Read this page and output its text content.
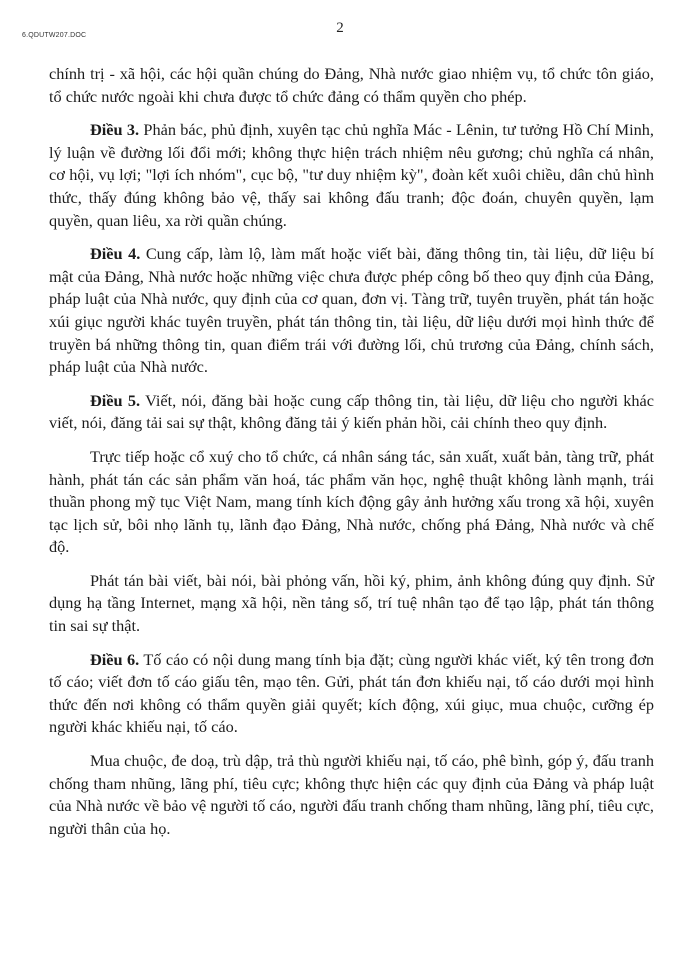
6.QDUTW207.DOC	2

chính trị - xã hội, các hội quần chúng do Đảng, Nhà nước giao nhiệm vụ, tổ chức tôn giáo, tổ chức nước ngoài khi chưa được tổ chức đảng có thẩm quyền cho phép.

Điều 3. Phản bác, phủ định, xuyên tạc chủ nghĩa Mác - Lênin, tư tưởng Hồ Chí Minh, lý luận về đường lối đổi mới; không thực hiện trách nhiệm nêu gương; chủ nghĩa cá nhân, cơ hội, vụ lợi; "lợi ích nhóm", cục bộ, "tư duy nhiệm kỳ", đoàn kết xuôi chiều, dân chủ hình thức, thấy đúng không bảo vệ, thấy sai không đấu tranh; độc đoán, chuyên quyền, lạm quyền, quan liêu, xa rời quần chúng.

Điều 4. Cung cấp, làm lộ, làm mất hoặc viết bài, đăng thông tin, tài liệu, dữ liệu bí mật của Đảng, Nhà nước hoặc những việc chưa được phép công bố theo quy định của Đảng, pháp luật của Nhà nước, quy định của cơ quan, đơn vị. Tàng trữ, tuyên truyền, phát tán hoặc xúi giục người khác tuyên truyền, phát tán thông tin, tài liệu, dữ liệu dưới mọi hình thức để truyền bá những thông tin, quan điểm trái với đường lối, chủ trương của Đảng, chính sách, pháp luật của Nhà nước.

Điều 5. Viết, nói, đăng bài hoặc cung cấp thông tin, tài liệu, dữ liệu cho người khác viết, nói, đăng tải sai sự thật, không đăng tải ý kiến phản hồi, cải chính theo quy định.

Trực tiếp hoặc cổ xuý cho tổ chức, cá nhân sáng tác, sản xuất, xuất bản, tàng trữ, phát hành, phát tán các sản phẩm văn hoá, tác phẩm văn học, nghệ thuật không lành mạnh, trái thuần phong mỹ tục Việt Nam, mang tính kích động gây ảnh hưởng xấu trong xã hội, xuyên tạc lịch sử, bôi nhọ lãnh tụ, lãnh đạo Đảng, Nhà nước, chống phá Đảng, Nhà nước và chế độ.

Phát tán bài viết, bài nói, bài phỏng vấn, hồi ký, phim, ảnh không đúng quy định. Sử dụng hạ tầng Internet, mạng xã hội, nền tảng số, trí tuệ nhân tạo để tạo lập, phát tán thông tin sai sự thật.

Điều 6. Tố cáo có nội dung mang tính bịa đặt; cùng người khác viết, ký tên trong đơn tố cáo; viết đơn tố cáo giấu tên, mạo tên. Gửi, phát tán đơn khiếu nại, tố cáo dưới mọi hình thức đến nơi không có thẩm quyền giải quyết; kích động, xúi giục, mua chuộc, cưỡng ép người khác khiếu nại, tố cáo.

Mua chuộc, đe doạ, trù dập, trả thù người khiếu nại, tố cáo, phê bình, góp ý, đấu tranh chống tham nhũng, lãng phí, tiêu cực; không thực hiện các quy định của Đảng và pháp luật của Nhà nước về bảo vệ người tố cáo, người đấu tranh chống tham nhũng, lãng phí, tiêu cực, người thân của họ.
